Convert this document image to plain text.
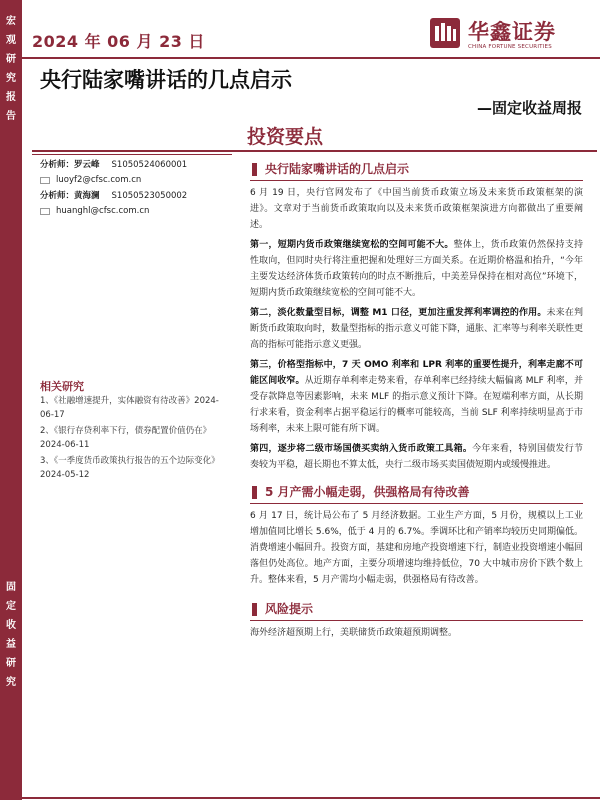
宏
观
研
究
报
告
固
定
收
益
研
究
2024 年 06 月 23 日	华鑫证券
CHINA FORTUNE SECURITIES
央行陆家嘴讲话的几点启示
—固定收益周报
投资要点
分析师：罗云峰 S1050524060001
luoyf2@cfsc.com.cn
分析师：黄海澜 S1050523050002
huanghl@cfsc.com.cn
相关研究
1、《社融增速提升，实体融资有待改善》2024-06-17
2、《银行存贷利率下行，债券配置价值仍在》2024-06-11
3、《一季度货币政策执行报告的五个边际变化》2024-05-12
央行陆家嘴讲话的几点启示

6 月 19 日，央行官网发布了《中国当前货币政策立场及未来货币政策框架的演进》。文章对于当前货币政策取向以及未来货币政策框架演进方向都做出了重要阐述。

第一，短期内货币政策继续宽松的空间可能不大。整体上，货币政策仍然保持支持性取向，但同时央行将注重把握和处理好三方面关系。在近期价格温和抬升，“今年主要发达经济体货币政策转向的时点不断推后，中美差异保持在相对高位”环境下，短期内货币政策继续宽松的空间可能不大。

第二，淡化数量型目标，调整 M1 口径，更加注重发挥利率调控的作用。未来在判断货币政策取向时，数量型指标的指示意义可能下降，通胀、汇率等与利率关联性更高的指标可能指示意义更强。

第三，价格型指标中，7 天 OMO 利率和 LPR 利率的重要性提升，利率走廊不可能区间收窄。从近期存单利率走势来看，存单利率已经持续大幅偏离 MLF 利率，并受存款降息等因素影响，未来 MLF 的指示意义预计下降。在短端利率方面，从长期行求来看，资金利率占据平稳运行的概率可能较高，当前 SLF 利率持续明显高于市场利率，未来上限可能有所下调。

第四，逐步将二级市场国债买卖纳入货币政策工具箱。今年来看，特别国债发行节奏较为平稳，超长期也不算太低，央行二级市场买卖国债短期内或缓慢推进。

5 月产需小幅走弱，供强格局有待改善

6 月 17 日，统计局公布了 5 月经济数据。工业生产方面，5 月份，规模以上工业增加值同比增长 5.6%，低于 4 月的 6.7%。季调环比和产销率均较历史同期偏低。消费增速小幅回升。投资方面，基建和房地产投资增速下行，制造业投资增速小幅回落但仍处高位。地产方面，主要分项增速均维持低位，70 大中城市房价下跌个数上升。整体来看，5 月产需均小幅走弱，供强格局有待改善。

风险提示

海外经济超预期上行，美联储货币政策超预期调整。
